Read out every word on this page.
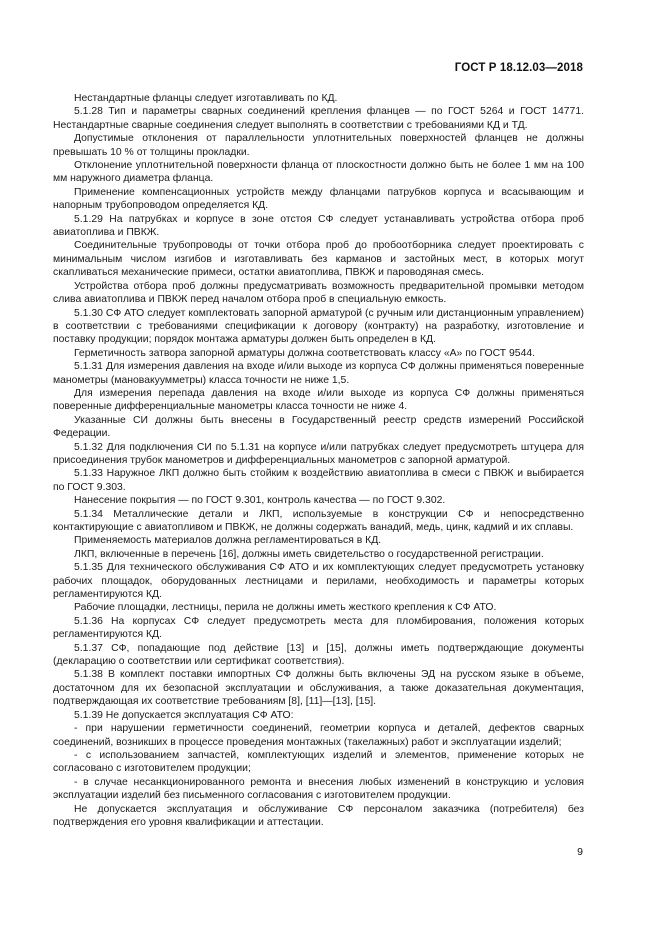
ГОСТ Р 18.12.03—2018

Нестандартные фланцы следует изготавливать по КД.

5.1.28 Тип и параметры сварных соединений крепления фланцев — по ГОСТ 5264 и ГОСТ 14771. Нестандартные сварные соединения следует выполнять в соответствии с требованиями КД и ТД.

Допустимые отклонения от параллельности уплотнительных поверхностей фланцев не должны превышать 10 % от толщины прокладки.

Отклонение уплотнительной поверхности фланца от плоскостности должно быть не более 1 мм на 100 мм наружного диаметра фланца.

Применение компенсационных устройств между фланцами патрубков корпуса и всасывающим и напорным трубопроводом определяется КД.

5.1.29 На патрубках и корпусе в зоне отстоя СФ следует устанавливать устройства отбора проб авиатоплива и ПВКЖ.

Соединительные трубопроводы от точки отбора проб до пробоотборника следует проектировать с минимальным числом изгибов и изготавливать без карманов и застойных мест, в которых могут скапливаться механические примеси, остатки авиатоплива, ПВКЖ и пароводяная смесь.

Устройства отбора проб должны предусматривать возможность предварительной промывки методом слива авиатоплива и ПВКЖ перед началом отбора проб в специальную емкость.

5.1.30 СФ АТО следует комплектовать запорной арматурой (с ручным или дистанционным управлением) в соответствии с требованиями спецификации к договору (контракту) на разработку, изготовление и поставку продукции; порядок монтажа арматуры должен быть определен в КД.

Герметичность затвора запорной арматуры должна соответствовать классу «А» по ГОСТ 9544.

5.1.31 Для измерения давления на входе и/или выходе из корпуса СФ должны применяться поверенные манометры (мановакуумметры) класса точности не ниже 1,5.

Для измерения перепада давления на входе и/или выходе из корпуса СФ должны применяться поверенные дифференциальные манометры класса точности не ниже 4.

Указанные СИ должны быть внесены в Государственный реестр средств измерений Российской Федерации.

5.1.32 Для подключения СИ по 5.1.31 на корпусе и/или патрубках следует предусмотреть штуцера для присоединения трубок манометров и дифференциальных манометров с запорной арматурой.

5.1.33 Наружное ЛКП должно быть стойким к воздействию авиатоплива в смеси с ПВКЖ и выбирается по ГОСТ 9.303.

Нанесение покрытия — по ГОСТ 9.301, контроль качества — по ГОСТ 9.302.

5.1.34 Металлические детали и ЛКП, используемые в конструкции СФ и непосредственно контактирующие с авиатопливом и ПВКЖ, не должны содержать ванадий, медь, цинк, кадмий и их сплавы.

Применяемость материалов должна регламентироваться в КД.

ЛКП, включенные в перечень [16], должны иметь свидетельство о государственной регистрации.

5.1.35 Для технического обслуживания СФ АТО и их комплектующих следует предусмотреть установку рабочих площадок, оборудованных лестницами и перилами, необходимость и параметры которых регламентируются КД.

Рабочие площадки, лестницы, перила не должны иметь жесткого крепления к СФ АТО.

5.1.36 На корпусах СФ следует предусмотреть места для пломбирования, положения которых регламентируются КД.

5.1.37 СФ, попадающие под действие [13] и [15], должны иметь подтверждающие документы (декларацию о соответствии или сертификат соответствия).

5.1.38 В комплект поставки импортных СФ должны быть включены ЭД на русском языке в объеме, достаточном для их безопасной эксплуатации и обслуживания, а также доказательная документация, подтверждающая их соответствие требованиям [8], [11]—[13], [15].

5.1.39 Не допускается эксплуатация СФ АТО:

- при нарушении герметичности соединений, геометрии корпуса и деталей, дефектов сварных соединений, возникших в процессе проведения монтажных (такелажных) работ и эксплуатации изделий;

- с использованием запчастей, комплектующих изделий и элементов, применение которых не согласовано с изготовителем продукции;

- в случае несанкционированного ремонта и внесения любых изменений в конструкцию и условия эксплуатации изделий без письменного согласования с изготовителем продукции.

Не допускается эксплуатация и обслуживание СФ персоналом заказчика (потребителя) без подтверждения его уровня квалификации и аттестации.

9
